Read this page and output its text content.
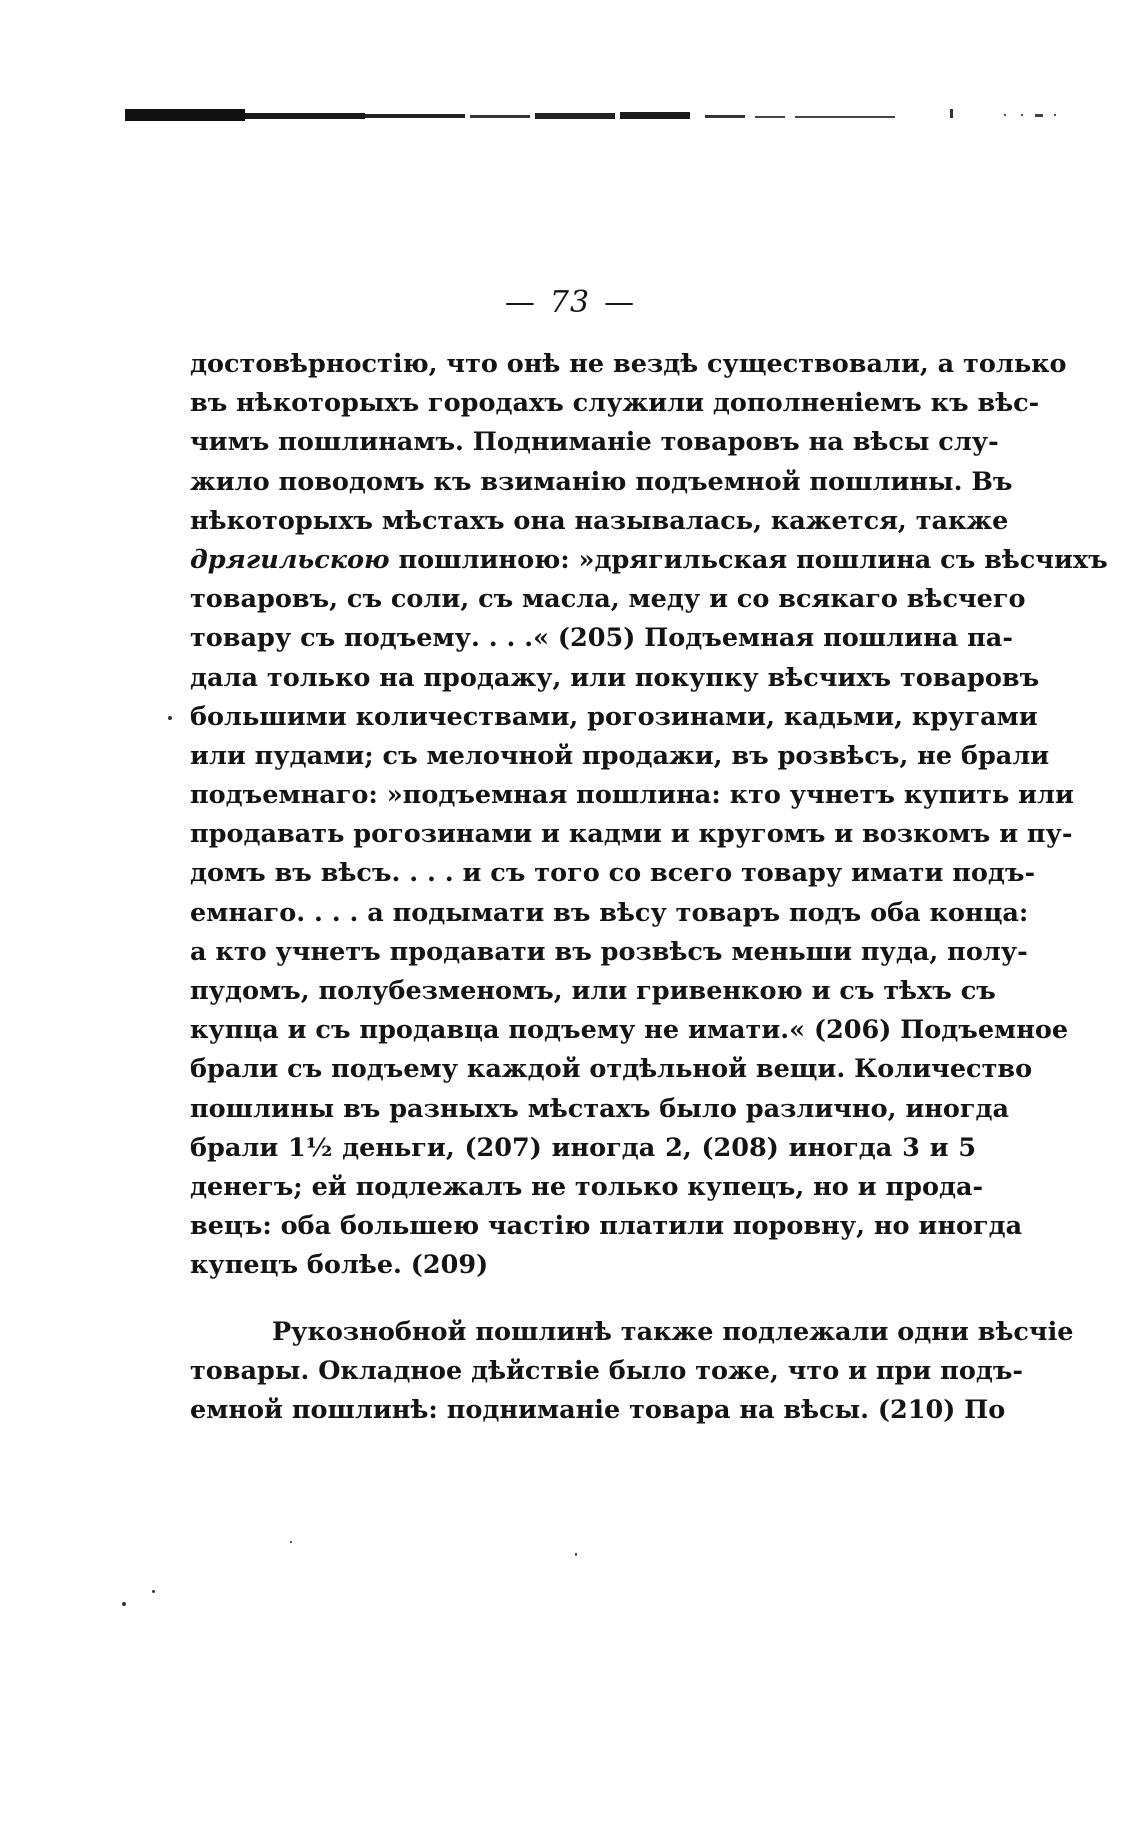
— 73 —
достовѣрностію, что онѣ не вездѣ существовали, а только
въ нѣкоторыхъ городахъ служили дополненіемъ къ вѣс-
чимъ пошлинамъ. Подниманіе товаровъ на вѣсы слу-
жило поводомъ къ взиманію подъемной пошлины. Въ
нѣкоторыхъ мѣстахъ она называлась, кажется, также
дрягильскою пошлиною: »дрягильская пошлина съ вѣсчихъ
товаровъ, съ соли, съ масла, меду и со всякаго вѣсчего
товару съ подъему. . . .« (205) Подъемная пошлина па-
дала только на продажу, или покупку вѣсчихъ товаровъ
большими количествами, рогозинами, кадьми, кругами
или пудами; съ мелочной продажи, въ розвѣсъ, не брали
подъемнаго: »подъемная пошлина: кто учнетъ купить или
продавать рогозинами и кадми и кругомъ и возкомъ и пу-
домъ въ вѣсъ. . . . и съ того со всего товару имати подъ-
емнаго. . . . а подымати въ вѣсу товаръ подъ оба конца:
а кто учнетъ продавати въ розвѣсъ меньши пуда, полу-
пудомъ, полубезменомъ, или гривенкою и съ тѣхъ съ
купца и съ продавца подъему не имати.« (206) Подъемное
брали съ подъему каждой отдѣльной вещи. Количество
пошлины въ разныхъ мѣстахъ было различно, иногда
брали 1½ деньги, (207) иногда 2, (208) иногда 3 и 5
денегъ; ей подлежалъ не только купецъ, но и прода-
вецъ: оба большею частію платили поровну, но иногда
купецъ болѣе. (209)
Рукознобной пошлинѣ также подлежали одни вѣсчіе
товары. Окладное дѣйствіе было тоже, что и при подъ-
емной пошлинѣ: подниманіе товара на вѣсы. (210) По
